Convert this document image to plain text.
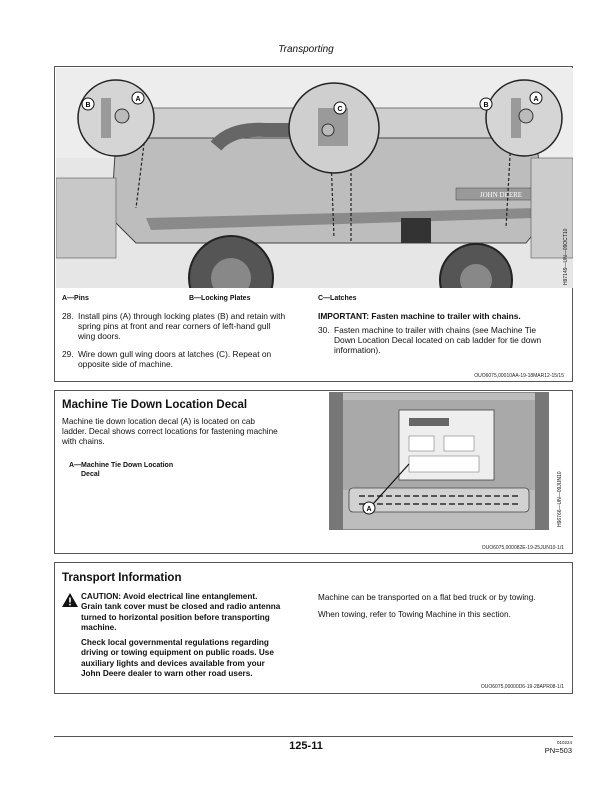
Transporting
JOHN DEERE
B
A
C
B
A
H97149—UN—09OCT10
A—Pins	B—Locking Plates	C—Latches
28. Install pins (A) through locking plates (B) and retain with
spring pins at front and rear corners of left-hand gull
wing doors.
29. Wire down gull wing doors at latches (C). Repeat on
opposite side of machine.
IMPORTANT: Fasten machine to trailer with chains.
30. Fasten machine to trailer with chains (see Machine Tie
Down Location Decal located on cab ladder for tie down
information).
OUO6075,00010AA-19-18MAR12-15/15
Machine Tie Down Location Decal
Machine tie down location decal (A) is located on cab
ladder. Decal shows correct locations for fastening machine
with chains.
A—Machine Tie Down Location
Decal
A	H96766—UN—09JUN10
OUO6075,000082E-19-25JUN10-1/1
Transport Information
CAUTION: Avoid electrical line entanglement.
Grain tank cover must be closed and radio antenna
turned to horizontal position before transporting
machine.
Check local governmental regulations regarding
driving or towing equipment on public roads. Use
auxiliary lights and devices available from your
John Deere dealer to warn other road users.
Machine can be transported on a flat bed truck or by towing.
When towing, refer to Towing Machine in this section.
OUO6075,00000D6-19-28APR08-1/1
125-11	010224
PN=503
